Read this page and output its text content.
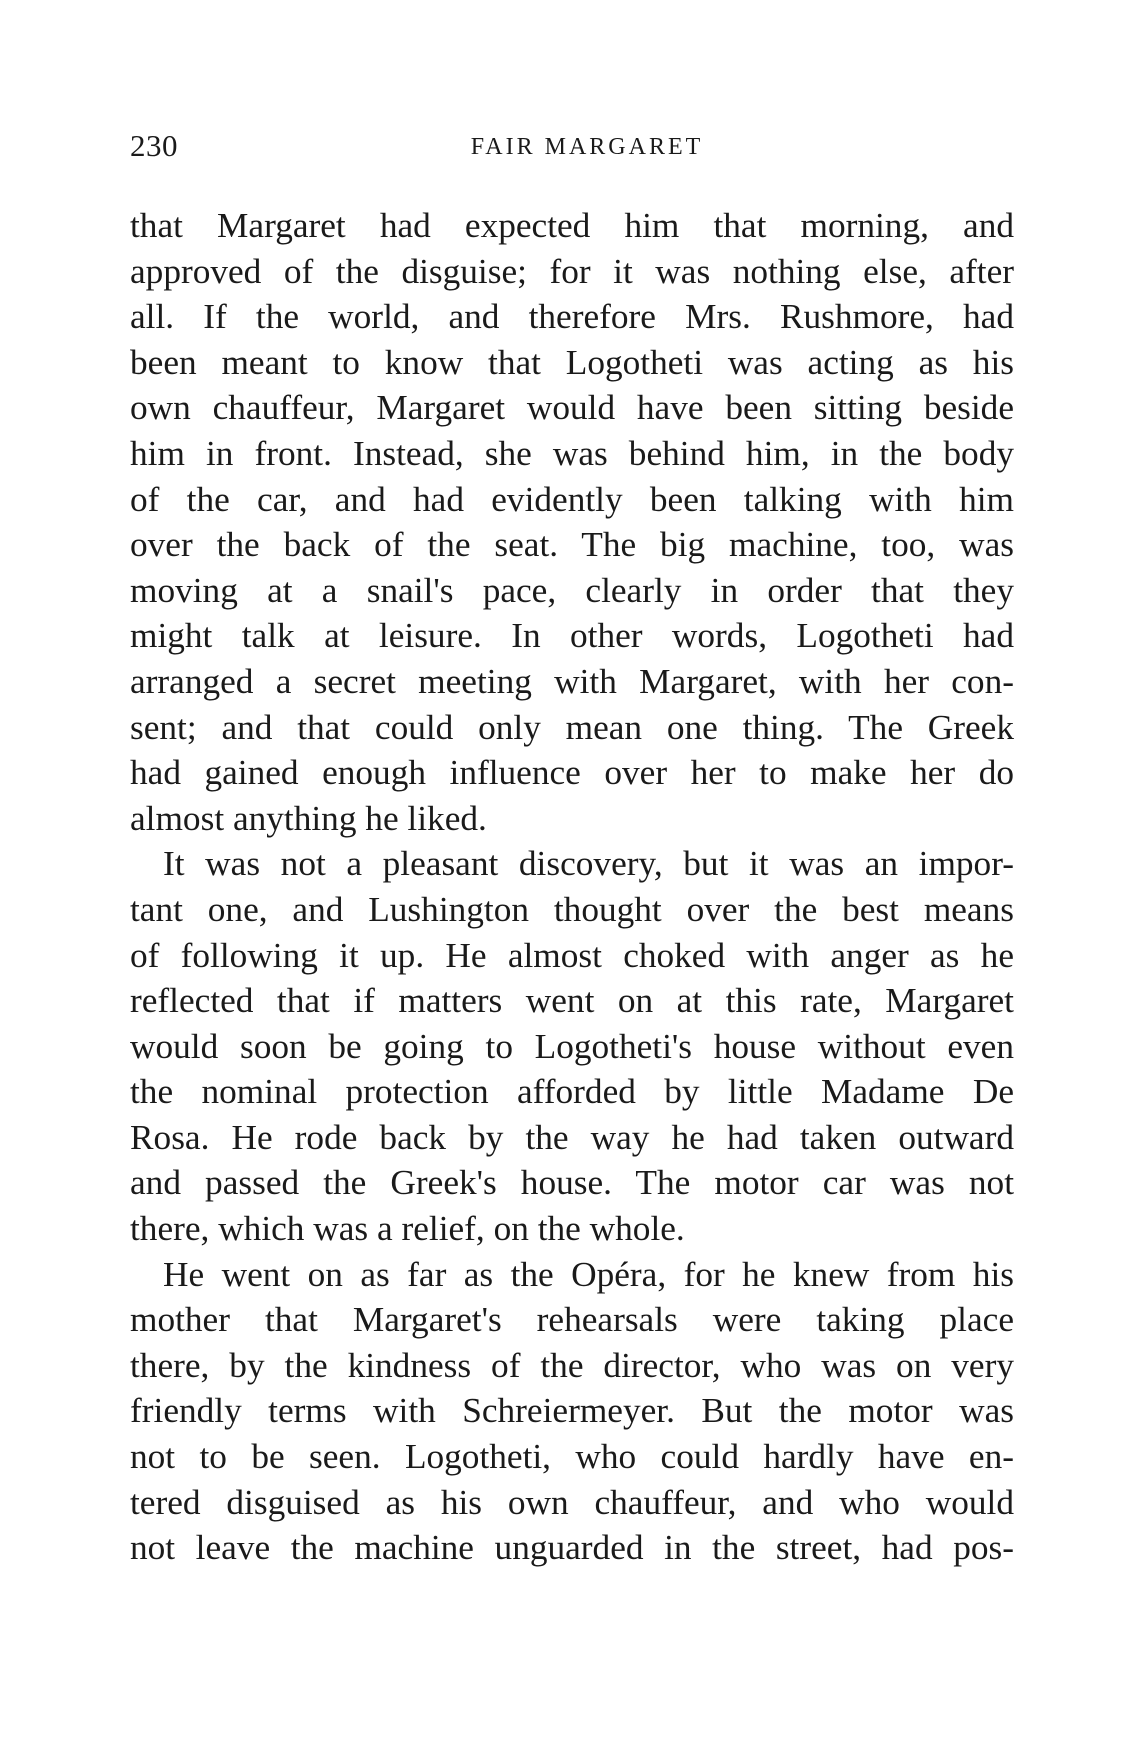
230	FAIR MARGARET
that Margaret had expected him that morning, and
approved of the disguise; for it was nothing else, after
all. If the world, and therefore Mrs. Rushmore, had
been meant to know that Logotheti was acting as his
own chauffeur, Margaret would have been sitting beside
him in front. Instead, she was behind him, in the body
of the car, and had evidently been talking with him
over the back of the seat. The big machine, too, was
moving at a snail's pace, clearly in order that they
might talk at leisure. In other words, Logotheti had
arranged a secret meeting with Margaret, with her con-
sent; and that could only mean one thing. The Greek
had gained enough influence over her to make her do
almost anything he liked.
It was not a pleasant discovery, but it was an impor-
tant one, and Lushington thought over the best means
of following it up. He almost choked with anger as he
reflected that if matters went on at this rate, Margaret
would soon be going to Logotheti's house without even
the nominal protection afforded by little Madame De
Rosa. He rode back by the way he had taken outward
and passed the Greek's house. The motor car was not
there, which was a relief, on the whole.
He went on as far as the Opéra, for he knew from his
mother that Margaret's rehearsals were taking place
there, by the kindness of the director, who was on very
friendly terms with Schreiermeyer. But the motor was
not to be seen. Logotheti, who could hardly have en-
tered disguised as his own chauffeur, and who would
not leave the machine unguarded in the street, had pos-
